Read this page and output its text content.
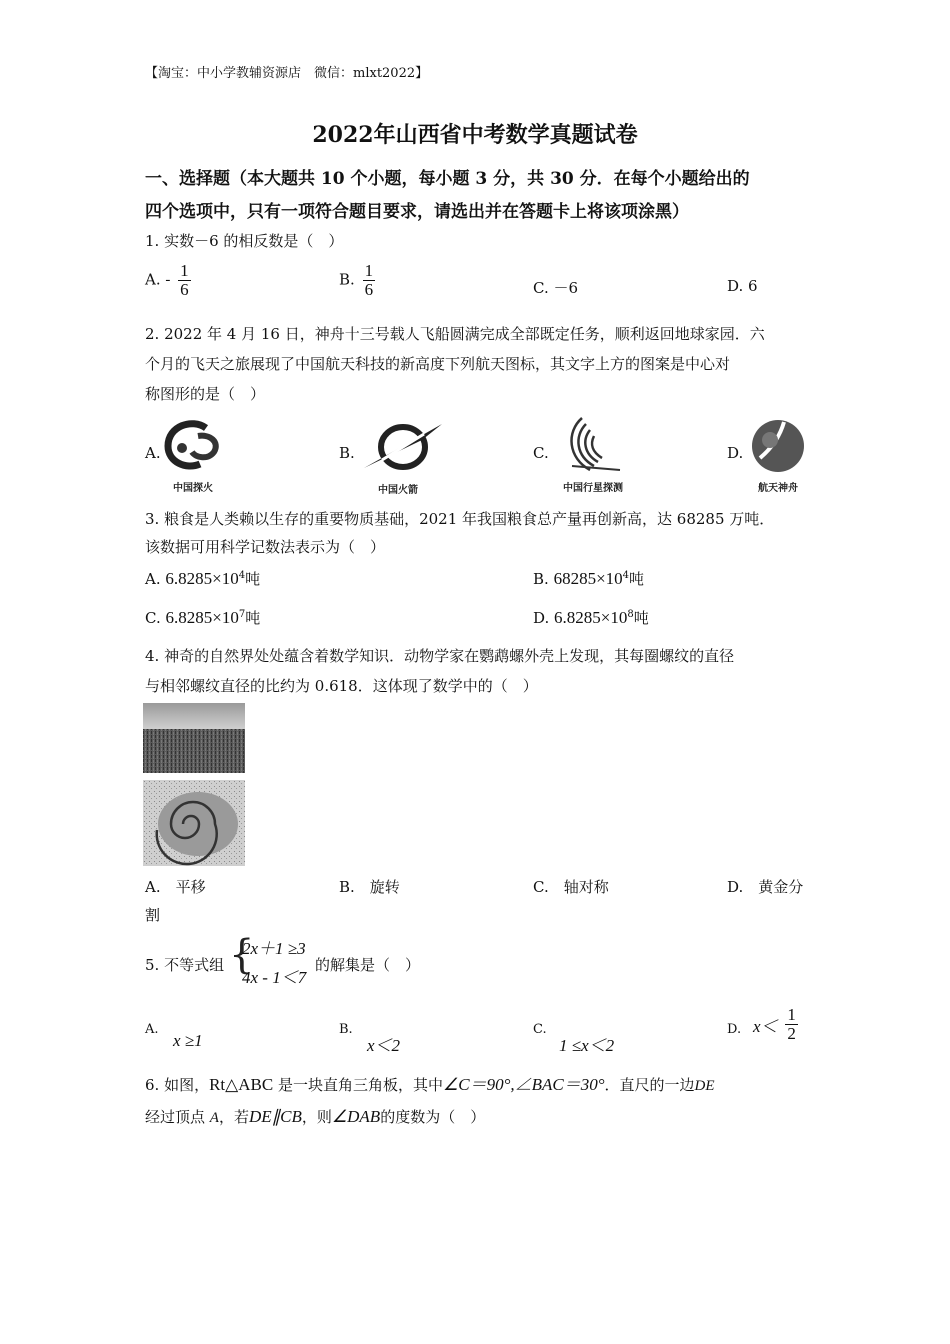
【淘宝：中小学教辅资源店　微信：mlxt2022】
2022年山西省中考数学真题试卷
一、选择题（本大题共 10 个小题，每小题 3 分，共 30 分．在每个小题给出的
四个选项中，只有一项符合题目要求，请选出并在答题卡上将该项涂黑）
1. 实数－6 的相反数是（　）
A. - $\frac{1}{6}$	B. $\frac{1}{6}$	C. －6	D. 6
2. 2022 年 4 月 16 日，神舟十三号载人飞船圆满完成全部既定任务，顺利返回地球家园．六
个月的飞天之旅展现了中国航天科技的新高度下列航天图标，其文字上方的图案是中心对
称图形的是（　）
A.
中国探火
B.
中国火箭
C.
中国行星探测
D.
航天神舟
3. 粮食是人类赖以生存的重要物质基础，2021 年我国粮食总产量再创新高，达 68285 万吨．
该数据可用科学记数法表示为（　）
A. $6.8285\times 10^4$吨	B. $68285\times 10^4$吨
C. $6.8285\times 10^7$吨	D. $6.8285\times 10^8$吨
4. 神奇的自然界处处蕴含着数学知识．动物学家在鹦鹉螺外壳上发现，其每圈螺纹的直径
与相邻螺纹直径的比约为 0.618．这体现了数学中的（　）
A.　平移	B.　旋转	C.　轴对称	D.　黄金分
割
5. 不等式组 {
2x＋1 ≥3
4x - 1＜7
的解集是（　）
A.
x ≥1
B.
x＜2
C.
1 ≤x＜2
D. $x< \frac{1}{2}$
6. 如图，Rt△ABC 是一块直角三角板，其中∠C＝90°,∠BAC＝30°．直尺的一边DE
经过顶点 A，若DE∥CB，则∠DAB的度数为（　）
